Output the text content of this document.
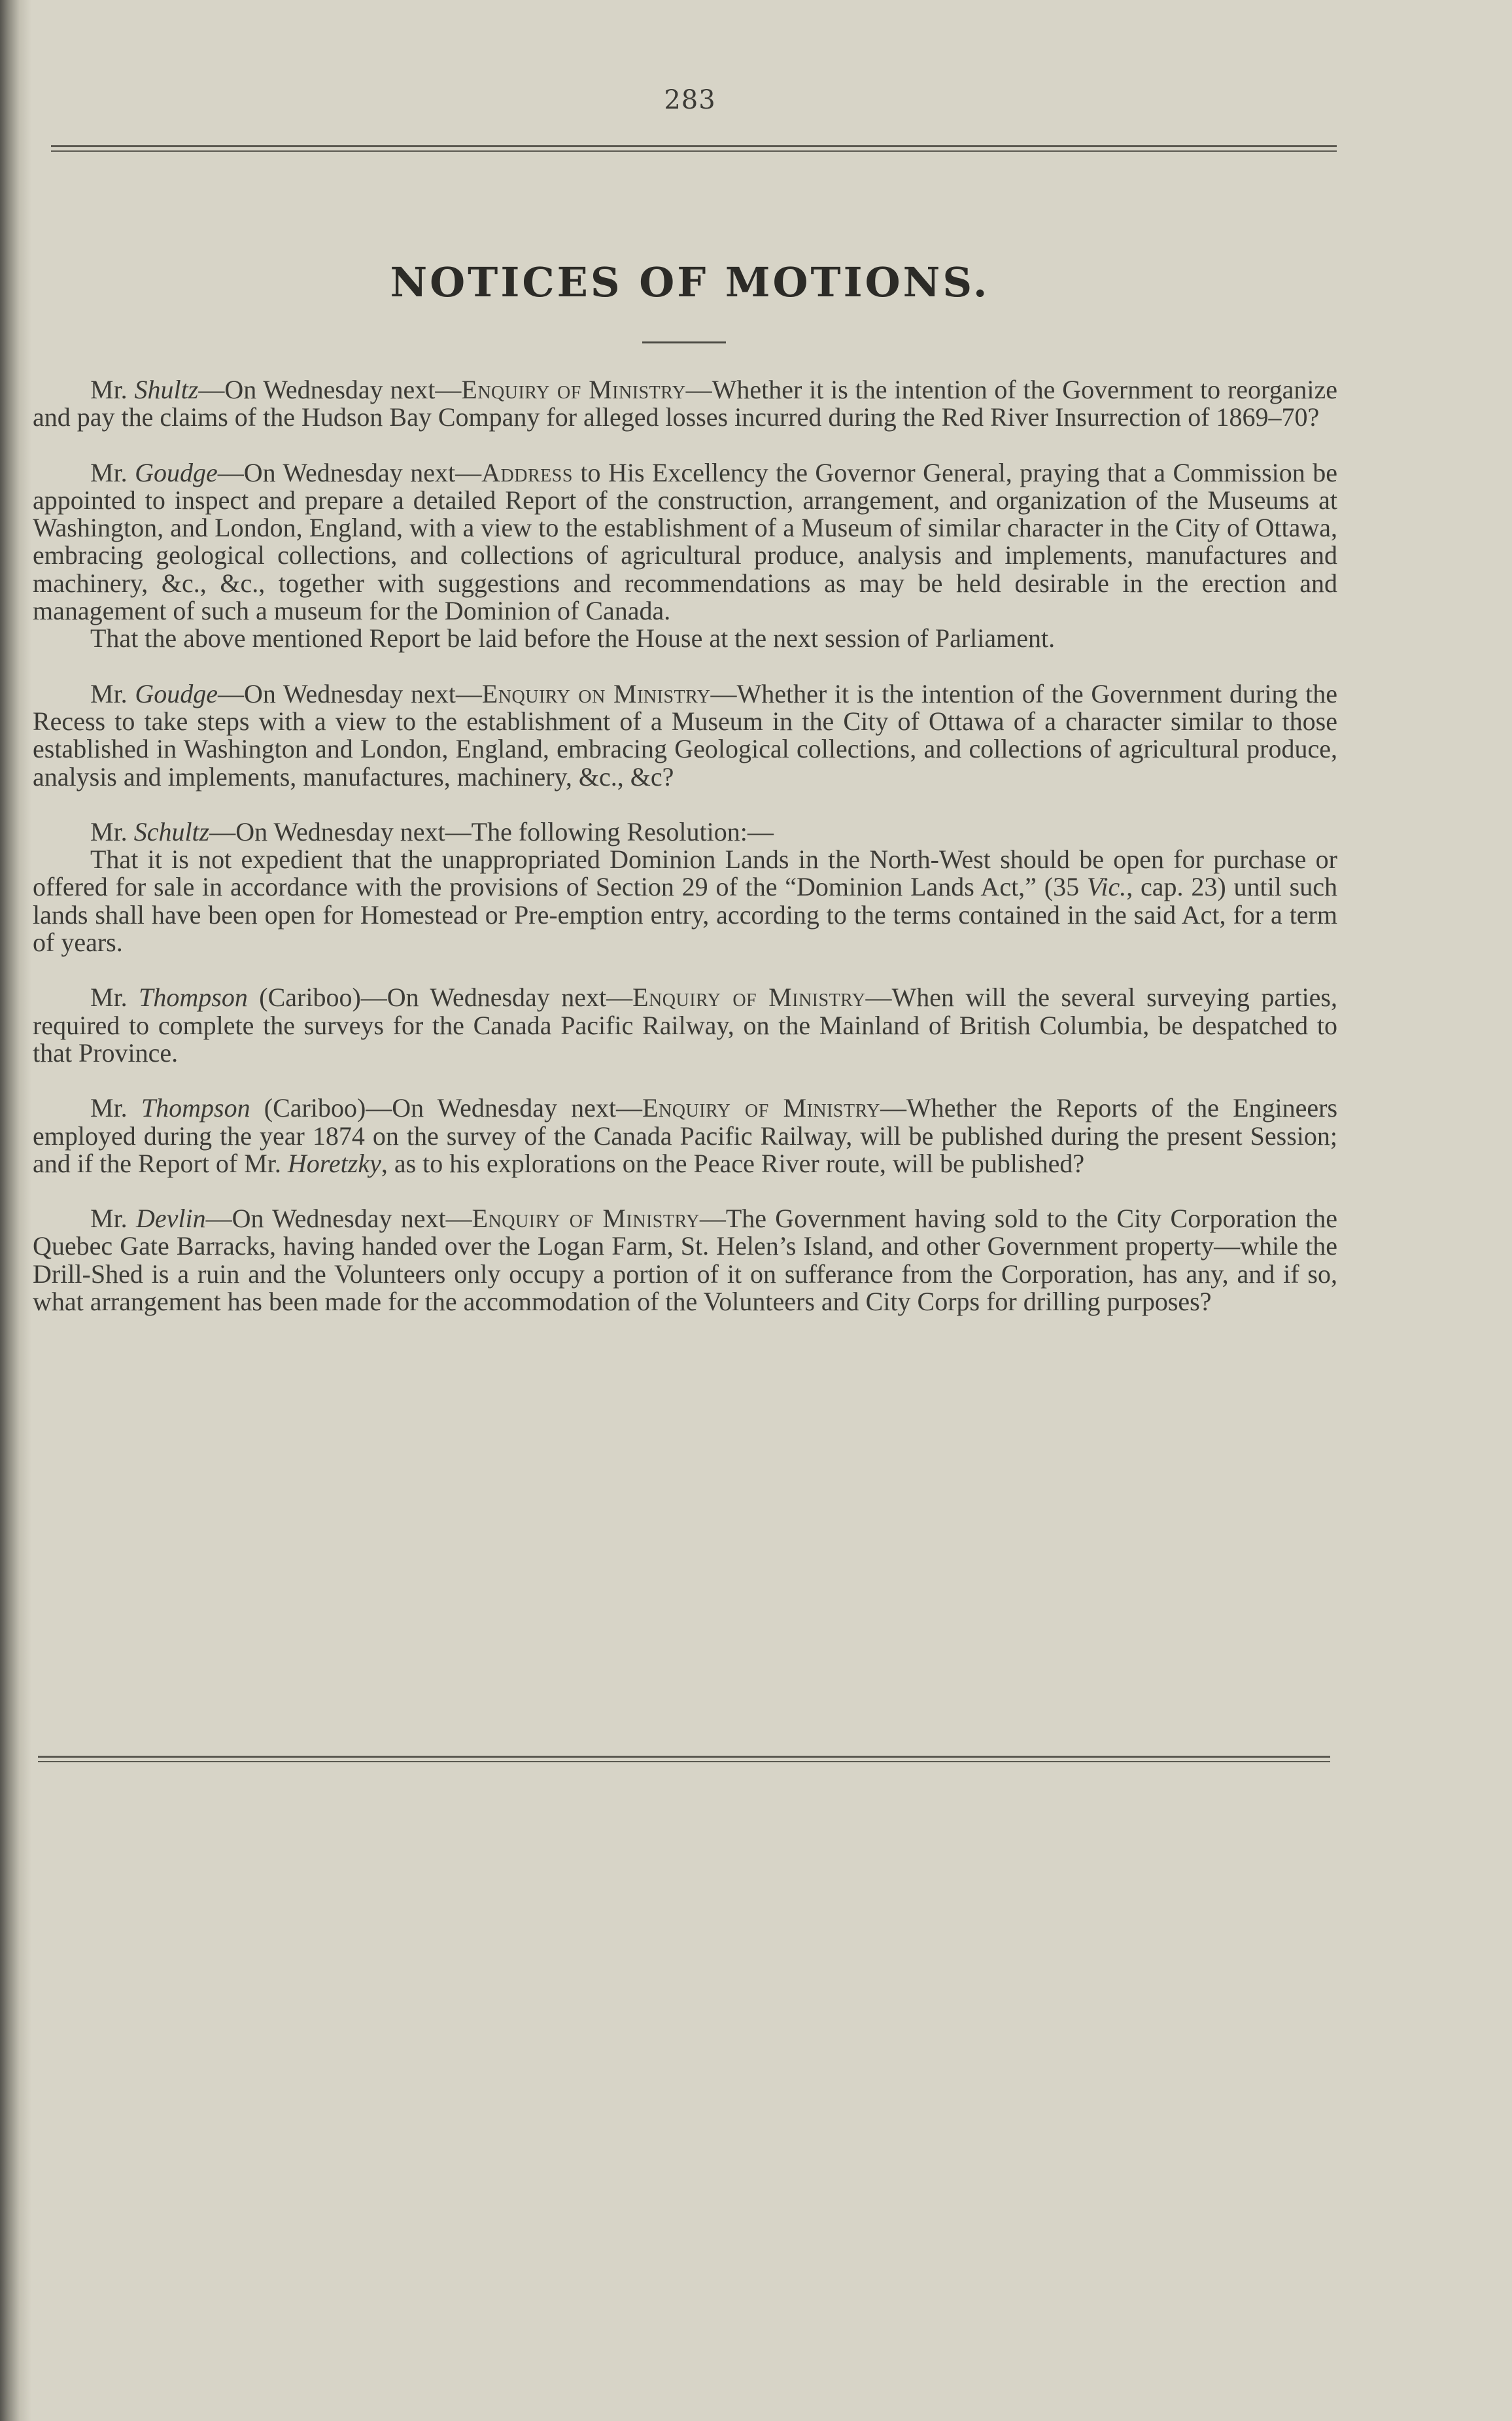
283
NOTICES OF MOTIONS.

Mr. Shultz—On Wednesday next—Enquiry of Ministry—Whether it is the intention of the Government to reorganize and pay the claims of the Hudson Bay Company for alleged losses incurred during the Red River Insurrection of 1869–70?

Mr. Goudge—On Wednesday next—Address to His Excellency the Governor General, praying that a Commission be appointed to inspect and prepare a detailed Report of the construction, arrangement, and organization of the Museums at Washington, and London, England, with a view to the establishment of a Museum of similar character in the City of Ottawa, embracing geological collections, and collections of agricultural produce, analysis and implements, manufactures and machinery, &c., &c., together with suggestions and recommendations as may be held desirable in the erection and management of such a museum for the Dominion of Canada.

That the above mentioned Report be laid before the House at the next session of Parliament.

Mr. Goudge—On Wednesday next—Enquiry on Ministry—Whether it is the intention of the Government during the Recess to take steps with a view to the establishment of a Museum in the City of Ottawa of a character similar to those established in Washington and London, England, embracing Geological collections, and collections of agricultural produce, analysis and implements, manufactures, machinery, &c., &c?

Mr. Schultz—On Wednesday next—The following Resolution:—

That it is not expedient that the unappropriated Dominion Lands in the North-West should be open for purchase or offered for sale in accordance with the provisions of Section 29 of the “Dominion Lands Act,” (35 Vic., cap. 23) until such lands shall have been open for Homestead or Pre-emption entry, according to the terms contained in the said Act, for a term of years.

Mr. Thompson (Cariboo)—On Wednesday next—Enquiry of Ministry—When will the several surveying parties, required to complete the surveys for the Canada Pacific Railway, on the Mainland of British Columbia, be despatched to that Province.

Mr. Thompson (Cariboo)—On Wednesday next—Enquiry of Ministry—Whether the Reports of the Engineers employed during the year 1874 on the survey of the Canada Pacific Railway, will be published during the present Session; and if the Report of Mr. Horetzky, as to his explorations on the Peace River route, will be published?

Mr. Devlin—On Wednesday next—Enquiry of Ministry—The Government having sold to the City Corporation the Quebec Gate Barracks, having handed over the Logan Farm, St. Helen’s Island, and other Government property—while the Drill-Shed is a ruin and the Volunteers only occupy a portion of it on sufferance from the Corporation, has any, and if so, what arrangement has been made for the accommodation of the Volunteers and City Corps for drilling purposes?
